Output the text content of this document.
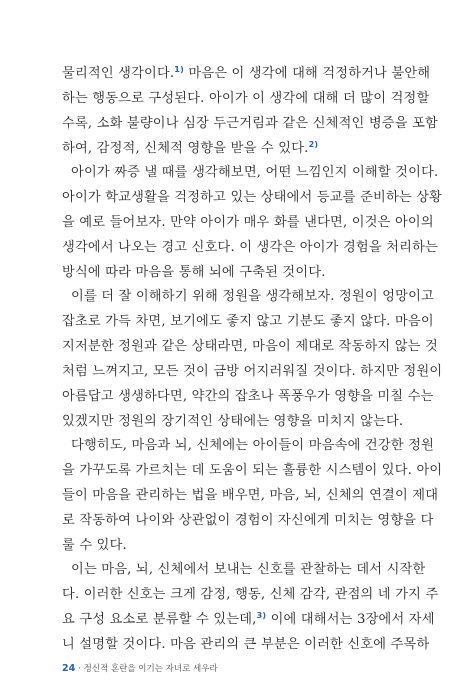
물리적인 생각이다.$^{1)}$ 마음은 이 생각에 대해 걱정하거나 불안해
하는 행동으로 구성된다. 아이가 이 생각에 대해 더 많이 걱정할
수록, 소화 불량이나 심장 두근거림과 같은 신체적인 병증을 포함
하여, 감정적, 신체적 영향을 받을 수 있다.$^{2)}$
아이가 짜증 낼 때를 생각해보면, 어떤 느낌인지 이해할 것이다.
아이가 학교생활을 걱정하고 있는 상태에서 등교를 준비하는 상황
을 예로 들어보자. 만약 아이가 매우 화를 낸다면, 이것은 아이의
생각에서 나오는 경고 신호다. 이 생각은 아이가 경험을 처리하는
방식에 따라 마음을 통해 뇌에 구축된 것이다.
이를 더 잘 이해하기 위해 정원을 생각해보자. 정원이 엉망이고
잡초로 가득 차면, 보기에도 좋지 않고 기분도 좋지 않다. 마음이
지저분한 정원과 같은 상태라면, 마음이 제대로 작동하지 않는 것
처럼 느껴지고, 모든 것이 금방 어지러워질 것이다. 하지만 정원이
아름답고 생생하다면, 약간의 잡초나 폭풍우가 영향을 미칠 수는
있겠지만 정원의 장기적인 상태에는 영향을 미치지 않는다.
다행히도, 마음과 뇌, 신체에는 아이들이 마음속에 건강한 정원
을 가꾸도록 가르치는 데 도움이 되는 훌륭한 시스템이 있다. 아이
들이 마음을 관리하는 법을 배우면, 마음, 뇌, 신체의 연결이 제대
로 작동하여 나이와 상관없이 경험이 자신에게 미치는 영향을 다
룰 수 있다.
이는 마음, 뇌, 신체에서 보내는 신호를 관찰하는 데서 시작한
다. 이러한 신호는 크게 감정, 행동, 신체 감각, 관점의 네 가지 주
요 구성 요소로 분류할 수 있는데,$^{3)}$ 이에 대해서는 3장에서 자세
니 설명할 것이다. 마음 관리의 큰 부분은 이러한 신호에 주목하
24 · 정신적 혼란을 이기는 자녀로 세우라
